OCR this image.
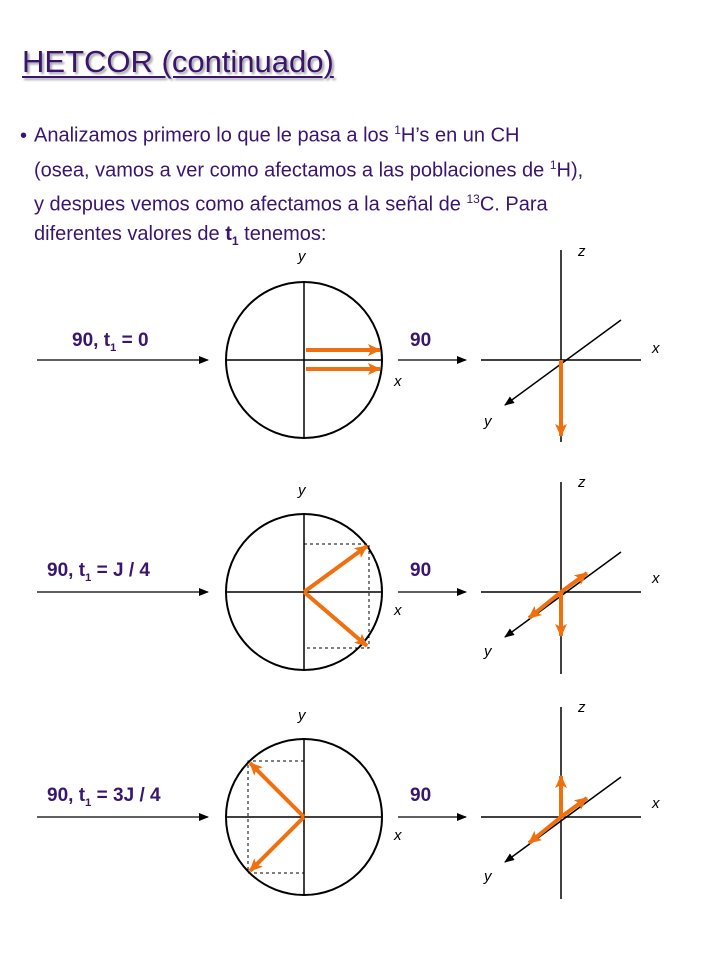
HETCOR (continuado)
• Analizamos primero lo que le pasa a los $^1$H’s en un CH
(osea, vamos a ver como afectamos a las poblaciones de $^1$H),
y despues vemos como afectamos a la señal de $^{13}$C. Para
diferentes valores de $t_1$ tenemos:
90, $t_1 = 0$	90
90, $t_1 = J / 4$	90
90, $t_1 = 3J / 4$	90
y
x
z
x
y
y
x
z
x
y
y
x
z
x
y
